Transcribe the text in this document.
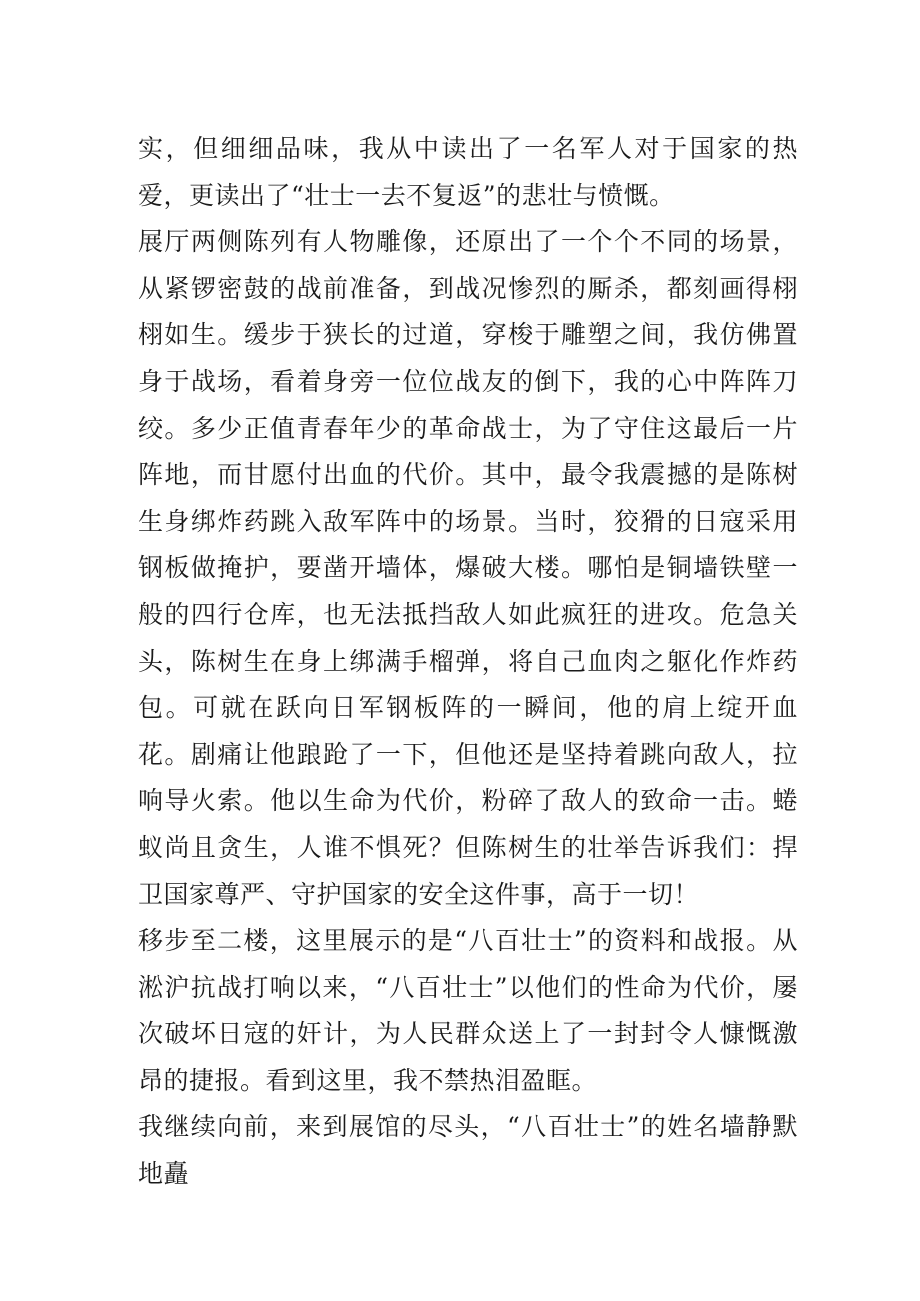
实，但细细品味，我从中读出了一名军人对于国家的热爱，更读出了“壮士一去不复返”的悲壮与愤慨。

展厅两侧陈列有人物雕像，还原出了一个个不同的场景，从紧锣密鼓的战前准备，到战况惨烈的厮杀，都刻画得栩栩如生。缓步于狭长的过道，穿梭于雕塑之间，我仿佛置身于战场，看着身旁一位位战友的倒下，我的心中阵阵刀绞。多少正值青春年少的革命战士，为了守住这最后一片阵地，而甘愿付出血的代价。其中，最令我震撼的是陈树生身绑炸药跳入敌军阵中的场景。当时，狡猾的日寇采用钢板做掩护，要凿开墙体，爆破大楼。哪怕是铜墙铁壁一般的四行仓库，也无法抵挡敌人如此疯狂的进攻。危急关头，陈树生在身上绑满手榴弹，将自己血肉之躯化作炸药包。可就在跃向日军钢板阵的一瞬间，他的肩上绽开血花。剧痛让他踉跄了一下，但他还是坚持着跳向敌人，拉响导火索。他以生命为代价，粉碎了敌人的致命一击。蜷蚁尚且贪生，人谁不惧死？但陈树生的壮举告诉我们：捍卫国家尊严、守护国家的安全这件事，高于一切！

移步至二楼，这里展示的是“八百壮士”的资料和战报。从淞沪抗战打响以来，“八百壮士”以他们的性命为代价，屡次破坏日寇的奸计，为人民群众送上了一封封令人慷慨激昂的捷报。看到这里，我不禁热泪盈眶。

我继续向前，来到展馆的尽头，“八百壮士”的姓名墙静默地矗
